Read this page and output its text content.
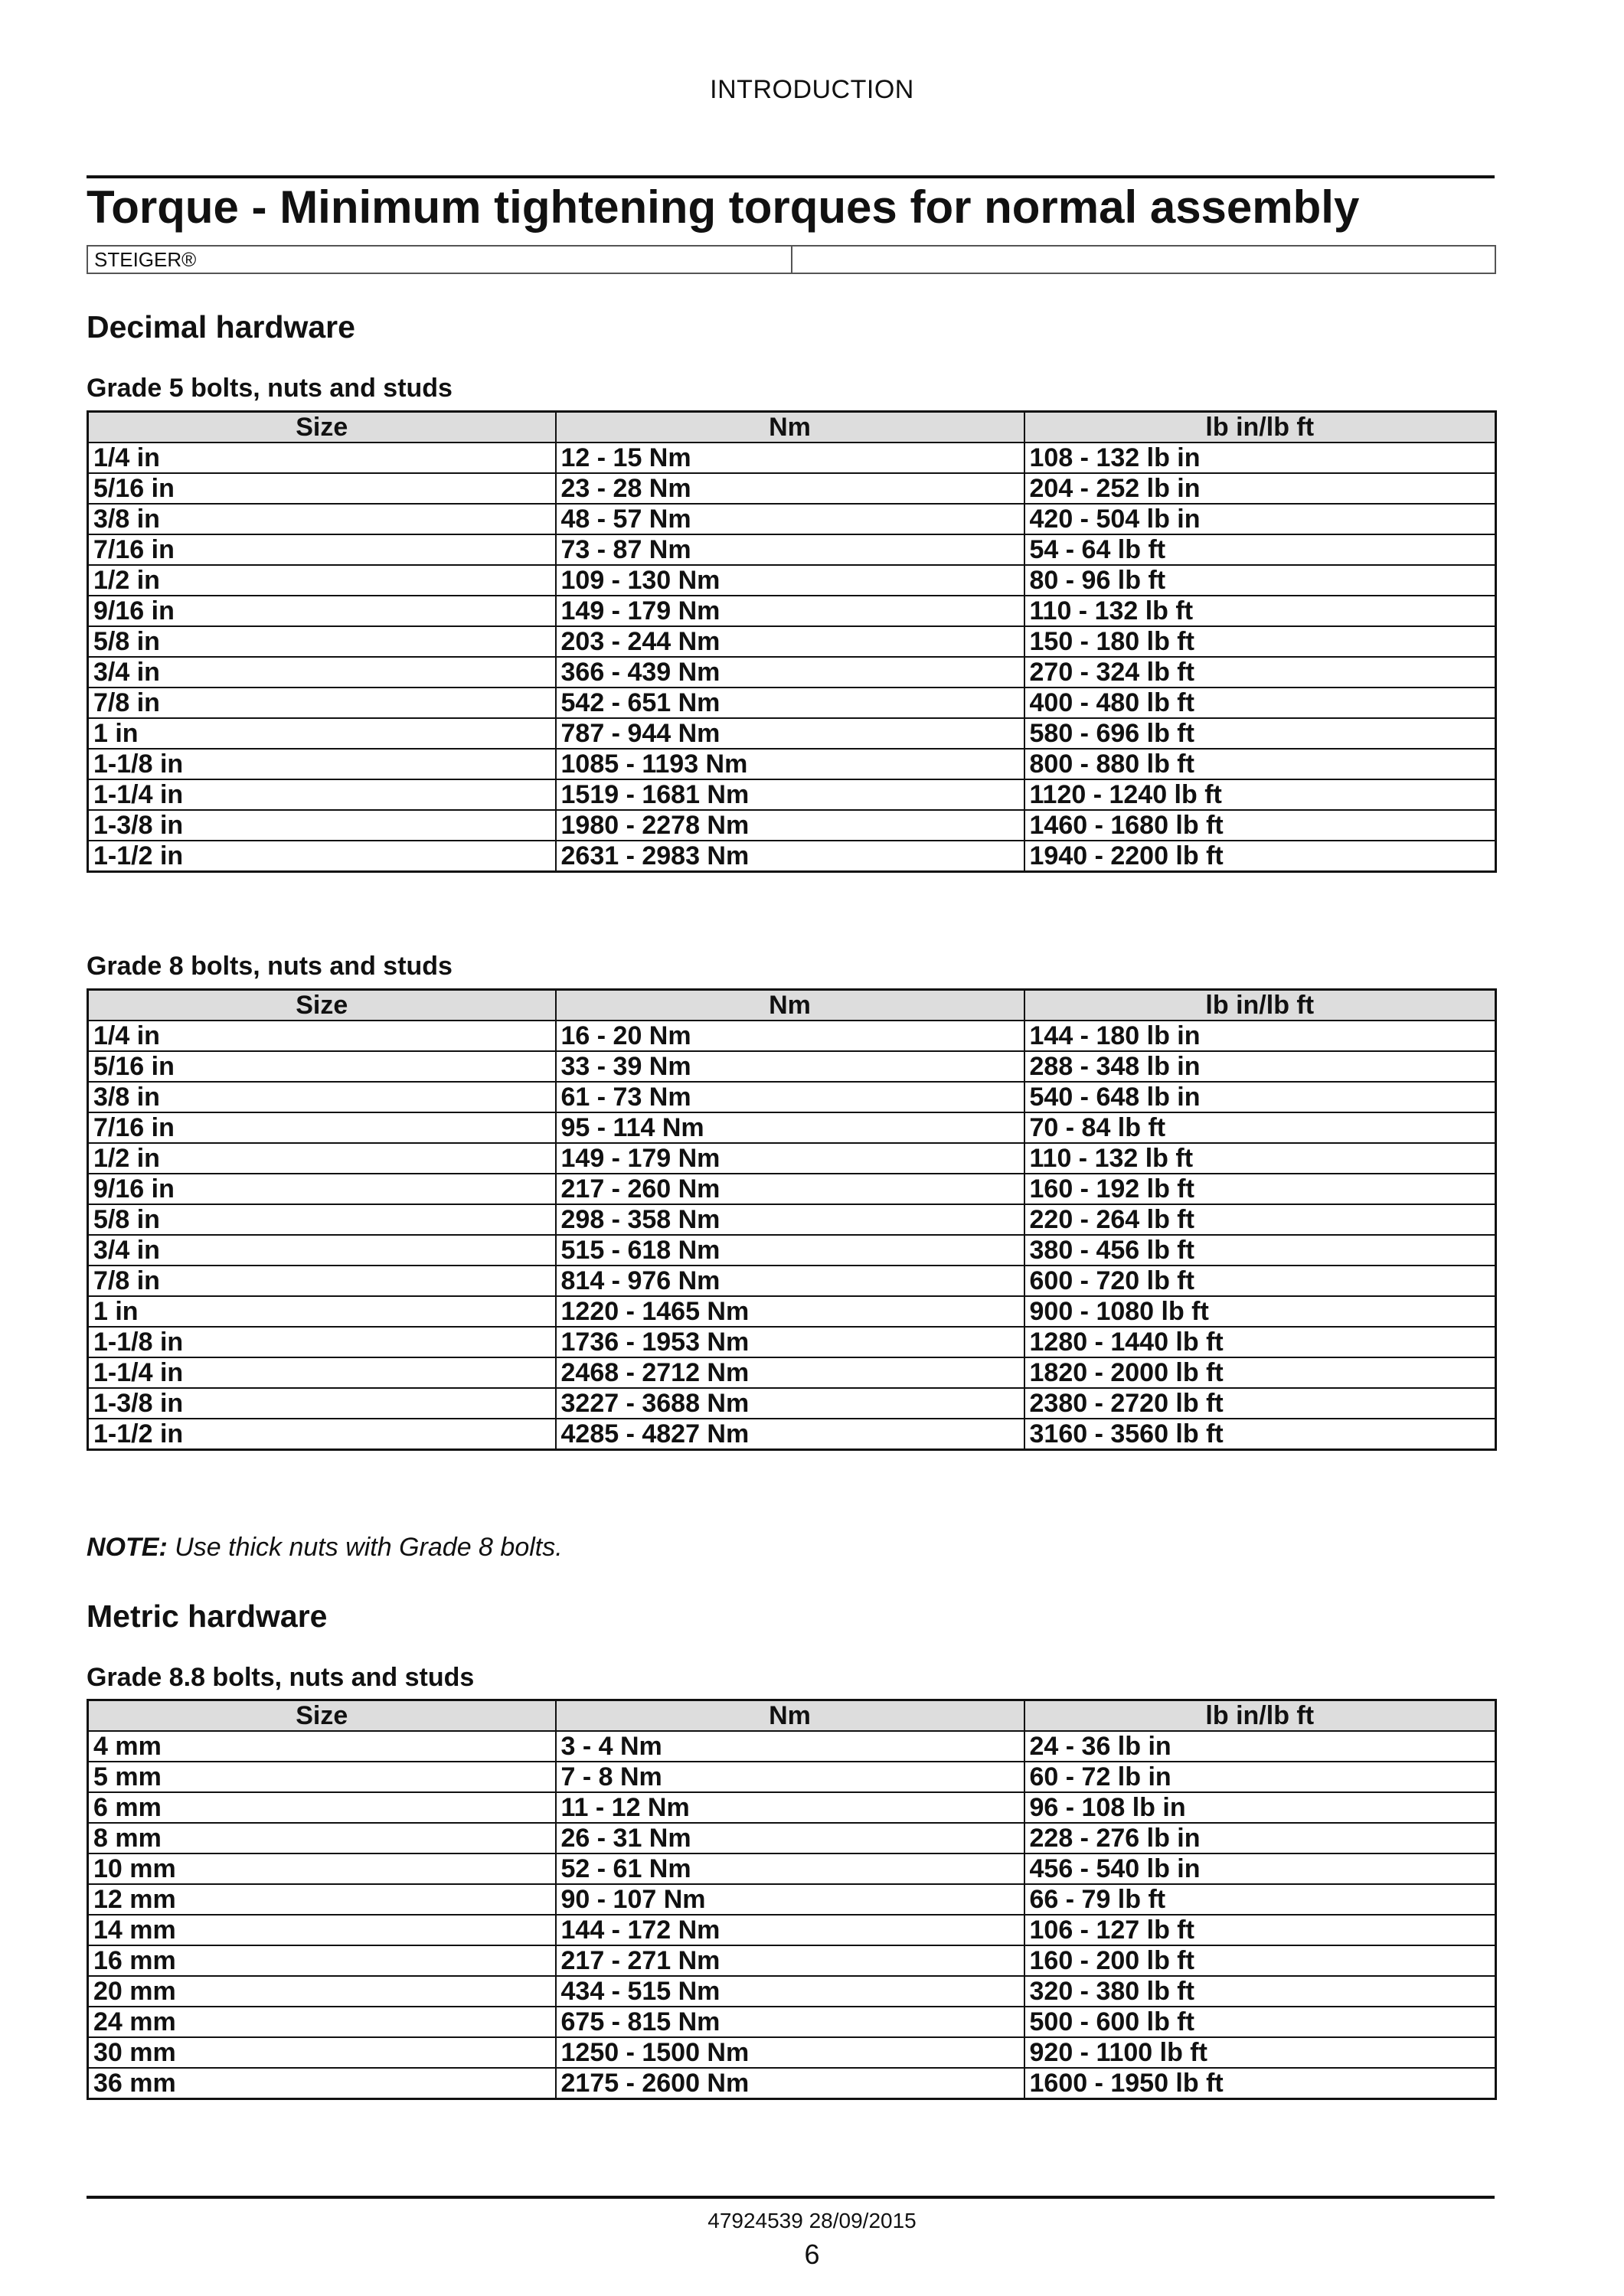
INTRODUCTION
Torque - Minimum tightening torques for normal assembly
STEIGER®
Decimal hardware
Grade 5 bolts, nuts and studs
Size	Nm	lb in/lb ft
1/4 in	12 - 15 Nm	108 - 132 lb in
5/16 in	23 - 28 Nm	204 - 252 lb in
3/8 in	48 - 57 Nm	420 - 504 lb in
7/16 in	73 - 87 Nm	54 - 64 lb ft
1/2 in	109 - 130 Nm	80 - 96 lb ft
9/16 in	149 - 179 Nm	110 - 132 lb ft
5/8 in	203 - 244 Nm	150 - 180 lb ft
3/4 in	366 - 439 Nm	270 - 324 lb ft
7/8 in	542 - 651 Nm	400 - 480 lb ft
1 in	787 - 944 Nm	580 - 696 lb ft
1-1/8 in	1085 - 1193 Nm	800 - 880 lb ft
1-1/4 in	1519 - 1681 Nm	1120 - 1240 lb ft
1-3/8 in	1980 - 2278 Nm	1460 - 1680 lb ft
1-1/2 in	2631 - 2983 Nm	1940 - 2200 lb ft
Grade 8 bolts, nuts and studs
Size	Nm	lb in/lb ft
1/4 in	16 - 20 Nm	144 - 180 lb in
5/16 in	33 - 39 Nm	288 - 348 lb in
3/8 in	61 - 73 Nm	540 - 648 lb in
7/16 in	95 - 114 Nm	70 - 84 lb ft
1/2 in	149 - 179 Nm	110 - 132 lb ft
9/16 in	217 - 260 Nm	160 - 192 lb ft
5/8 in	298 - 358 Nm	220 - 264 lb ft
3/4 in	515 - 618 Nm	380 - 456 lb ft
7/8 in	814 - 976 Nm	600 - 720 lb ft
1 in	1220 - 1465 Nm	900 - 1080 lb ft
1-1/8 in	1736 - 1953 Nm	1280 - 1440 lb ft
1-1/4 in	2468 - 2712 Nm	1820 - 2000 lb ft
1-3/8 in	3227 - 3688 Nm	2380 - 2720 lb ft
1-1/2 in	4285 - 4827 Nm	3160 - 3560 lb ft
NOTE: Use thick nuts with Grade 8 bolts.
Metric hardware
Grade 8.8 bolts, nuts and studs
Size	Nm	lb in/lb ft
4 mm	3 - 4 Nm	24 - 36 lb in
5 mm	7 - 8 Nm	60 - 72 lb in
6 mm	11 - 12 Nm	96 - 108 lb in
8 mm	26 - 31 Nm	228 - 276 lb in
10 mm	52 - 61 Nm	456 - 540 lb in
12 mm	90 - 107 Nm	66 - 79 lb ft
14 mm	144 - 172 Nm	106 - 127 lb ft
16 mm	217 - 271 Nm	160 - 200 lb ft
20 mm	434 - 515 Nm	320 - 380 lb ft
24 mm	675 - 815 Nm	500 - 600 lb ft
30 mm	1250 - 1500 Nm	920 - 1100 lb ft
36 mm	2175 - 2600 Nm	1600 - 1950 lb ft
47924539 28/09/2015
6
